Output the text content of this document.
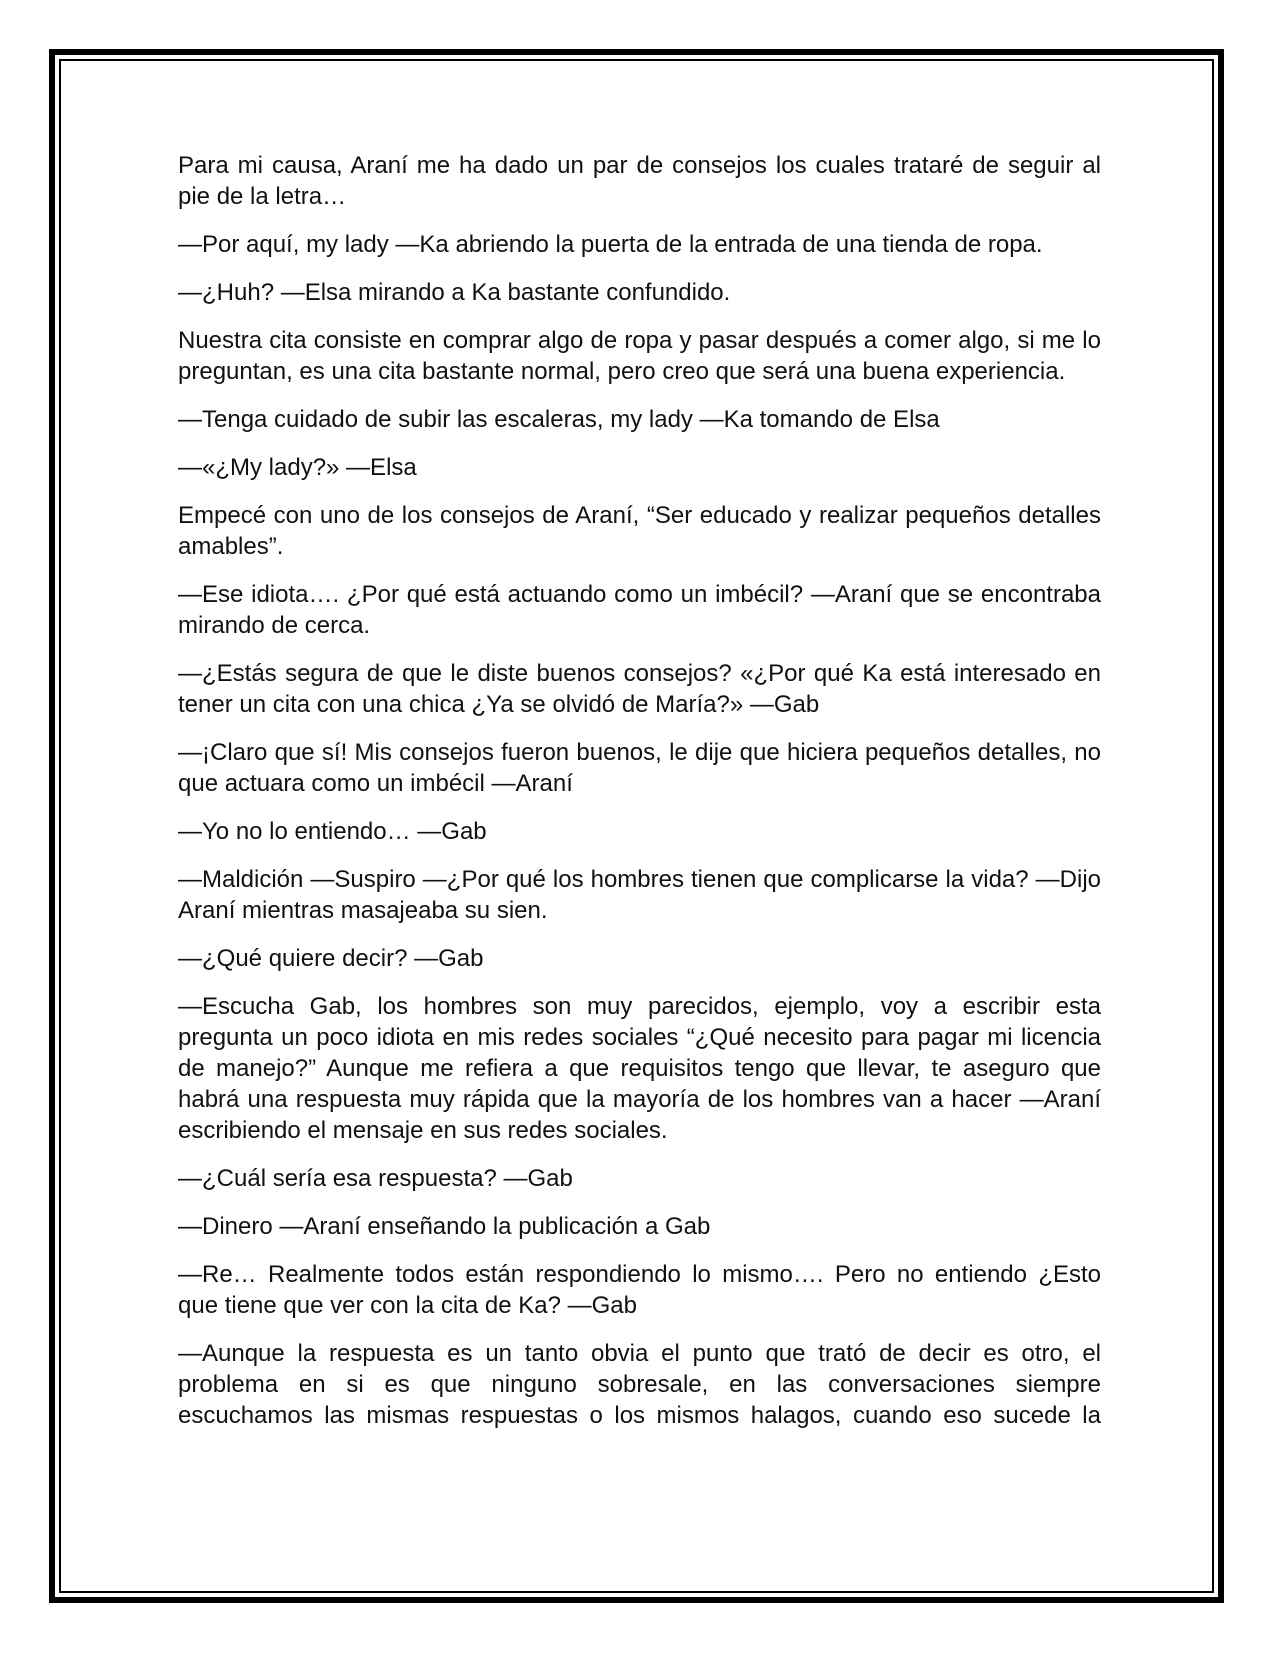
Para mi causa, Araní me ha dado un par de consejos los cuales trataré de seguir al pie de la letra…

—Por aquí, my lady —Ka abriendo la puerta de la entrada de una tienda de ropa.

—¿Huh? —Elsa mirando a Ka bastante confundido.

Nuestra cita consiste en comprar algo de ropa y pasar después a comer algo, si me lo preguntan, es una cita bastante normal, pero creo que será una buena experiencia.

—Tenga cuidado de subir las escaleras, my lady —Ka tomando de Elsa

—«¿My lady?» —Elsa

Empecé con uno de los consejos de Araní, “Ser educado y realizar pequeños detalles amables”.

—Ese idiota…. ¿Por qué está actuando como un imbécil? —Araní que se encontraba mirando de cerca.

—¿Estás segura de que le diste buenos consejos? «¿Por qué Ka está interesado en tener un cita con una chica ¿Ya se olvidó de María?» —Gab

—¡Claro que sí! Mis consejos fueron buenos, le dije que hiciera pequeños detalles, no que actuara como un imbécil —Araní

—Yo no lo entiendo… —Gab

—Maldición —Suspiro —¿Por qué los hombres tienen que complicarse la vida? —Dijo Araní mientras masajeaba su sien.

—¿Qué quiere decir? —Gab

—Escucha Gab, los hombres son muy parecidos, ejemplo, voy a escribir esta pregunta un poco idiota en mis redes sociales “¿Qué necesito para pagar mi licencia de manejo?” Aunque me refiera a que requisitos tengo que llevar, te aseguro que habrá una respuesta muy rápida que la mayoría de los hombres van a hacer —Araní escribiendo el mensaje en sus redes sociales.

—¿Cuál sería esa respuesta? —Gab

—Dinero —Araní enseñando la publicación a Gab

—Re… Realmente todos están respondiendo lo mismo…. Pero no entiendo ¿Esto que tiene que ver con la cita de Ka? —Gab

—Aunque la respuesta es un tanto obvia el punto que trató de decir es otro, el problema en si es que ninguno sobresale, en las conversaciones siempre escuchamos las mismas respuestas o los mismos halagos, cuando eso sucede la
